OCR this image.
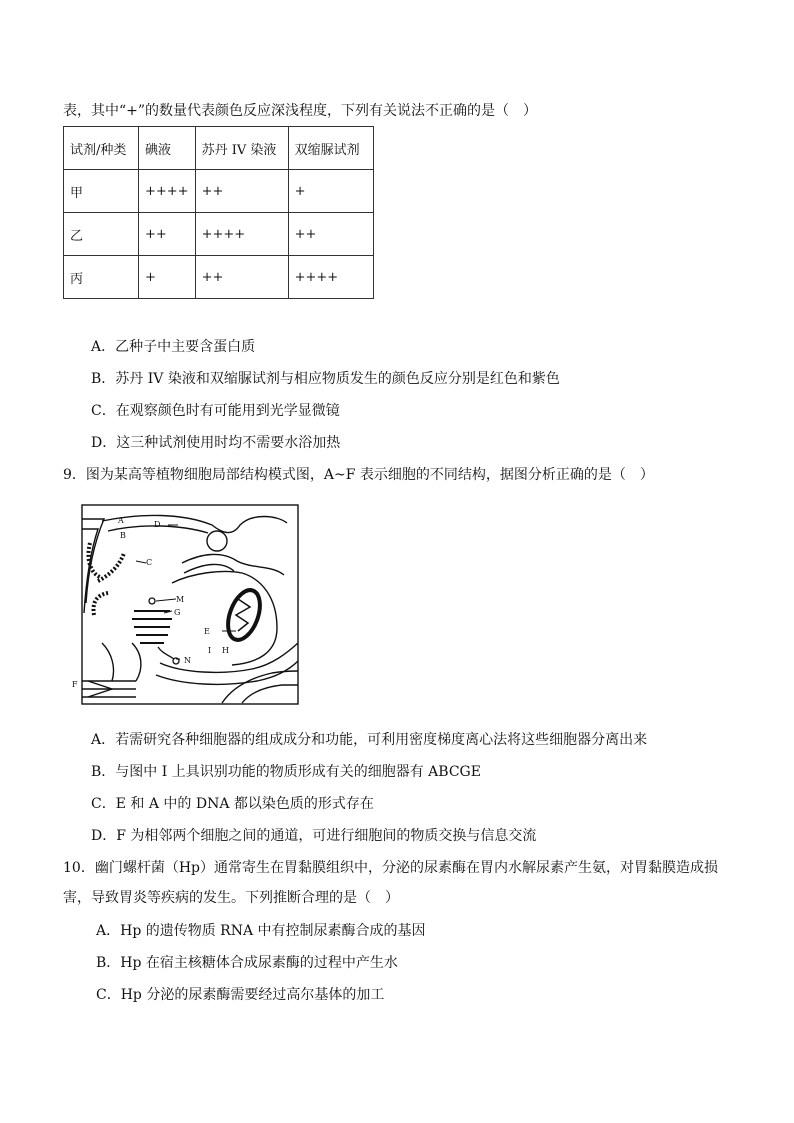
表，其中“+”的数量代表颜色反应深浅程度，下列有关说法不正确的是（　）
试剂/种类	碘液	苏丹 IV 染液	双缩脲试剂
甲	++++	++	+
乙	++	++++	++
丙	+	++	++++
A．乙种子中主要含蛋白质
B．苏丹 IV 染液和双缩脲试剂与相应物质发生的颜色反应分别是红色和紫色
C．在观察颜色时有可能用到光学显微镜
D．这三种试剂使用时均不需要水浴加热
9．图为某高等植物细胞局部结构模式图，A~F 表示细胞的不同结构，据图分析正确的是（　）
A
B
C
D
M
G
E
N
I H
F
A．若需研究各种细胞器的组成成分和功能，可利用密度梯度离心法将这些细胞器分离出来
B．与图中 I 上具识别功能的物质形成有关的细胞器有 ABCGE
C．E 和 A 中的 DNA 都以染色质的形式存在
D．F 为相邻两个细胞之间的通道，可进行细胞间的物质交换与信息交流
10．幽门螺杆菌（Hp）通常寄生在胃黏膜组织中，分泌的尿素酶在胃内水解尿素产生氨，对胃黏膜造成损
害，导致胃炎等疾病的发生。下列推断合理的是（　）
A．Hp 的遗传物质 RNA 中有控制尿素酶合成的基因
B．Hp 在宿主核糖体合成尿素酶的过程中产生水
C．Hp 分泌的尿素酶需要经过高尔基体的加工
